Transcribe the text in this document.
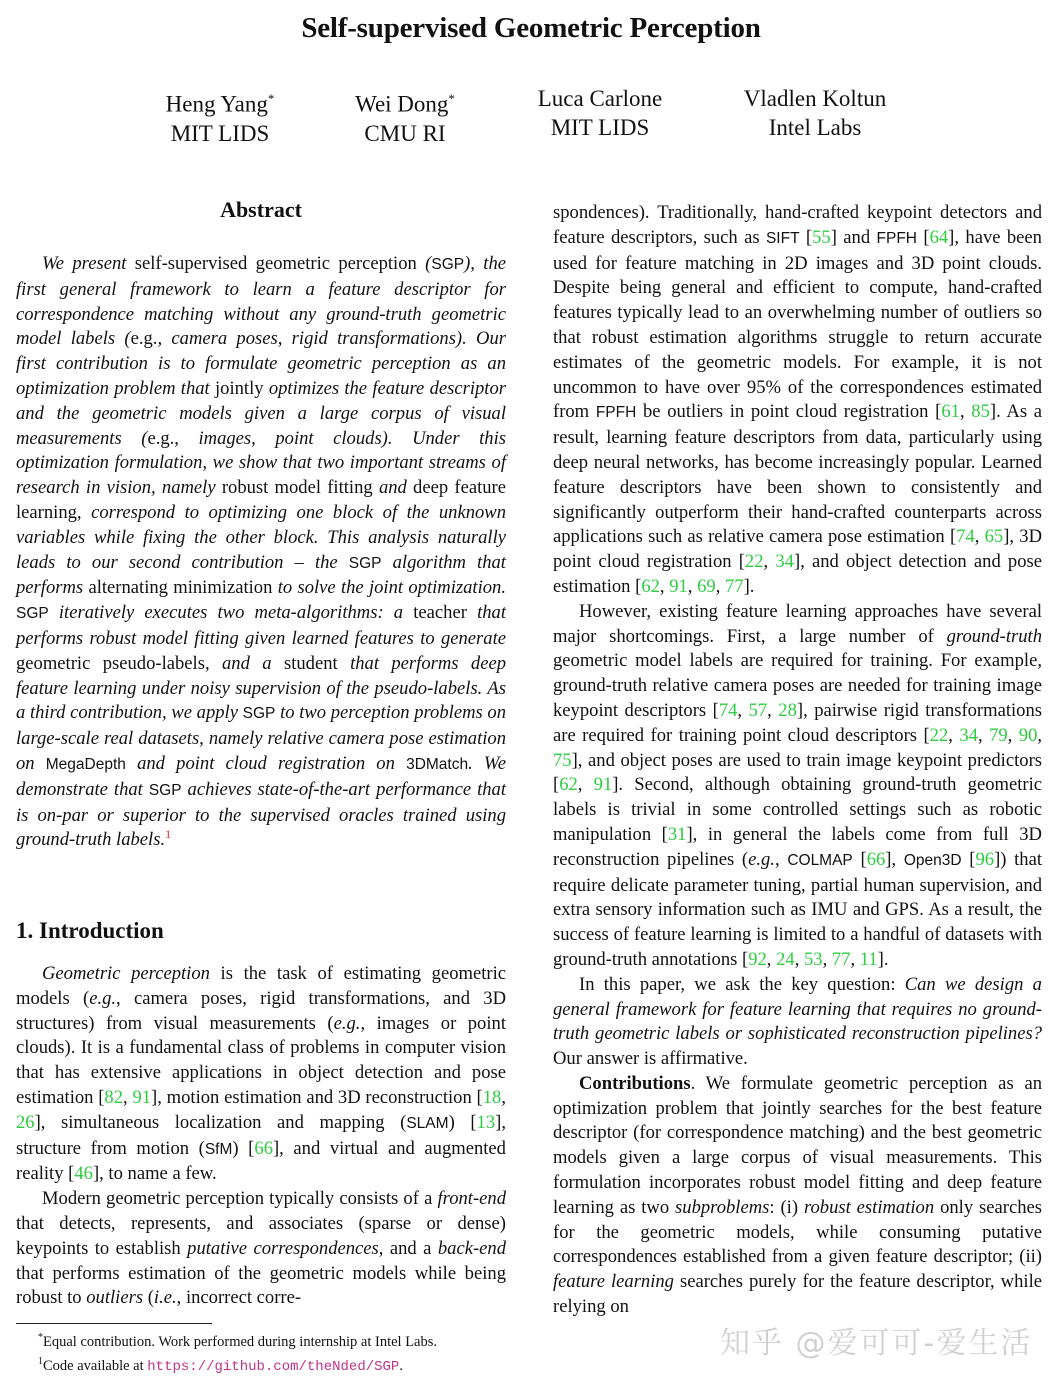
Self-supervised Geometric Perception
Heng Yang*
MIT LIDS
Wei Dong*
CMU RI
Luca Carlone
MIT LIDS
Vladlen Koltun
Intel Labs
Abstract

We present self-supervised geometric perception (SGP), the first general framework to learn a feature descriptor for correspondence matching without any ground-truth geometric model labels (e.g., camera poses, rigid transformations). Our first contribution is to formulate geometric perception as an optimization problem that jointly optimizes the feature descriptor and the geometric models given a large corpus of visual measurements (e.g., images, point clouds). Under this optimization formulation, we show that two important streams of research in vision, namely robust model fitting and deep feature learning, correspond to optimizing one block of the unknown variables while fixing the other block. This analysis naturally leads to our second contribution – the SGP algorithm that performs alternating minimization to solve the joint optimization. SGP iteratively executes two meta-algorithms: a teacher that performs robust model fitting given learned features to generate geometric pseudo-labels, and a student that performs deep feature learning under noisy supervision of the pseudo-labels. As a third contribution, we apply SGP to two perception problems on large-scale real datasets, namely relative camera pose estimation on MegaDepth and point cloud registration on 3DMatch. We demonstrate that SGP achieves state-of-the-art performance that is on-par or superior to the supervised oracles trained using ground-truth labels.$^1$

1. Introduction

Geometric perception is the task of estimating geometric models (e.g., camera poses, rigid transformations, and 3D structures) from visual measurements (e.g., images or point clouds). It is a fundamental class of problems in computer vision that has extensive applications in object detection and pose estimation [82, 91], motion estimation and 3D reconstruction [18, 26], simultaneous localization and mapping (SLAM) [13], structure from motion (SfM) [66], and virtual and augmented reality [46], to name a few.

Modern geometric perception typically consists of a front-end that detects, represents, and associates (sparse or dense) keypoints to establish putative correspondences, and a back-end that performs estimation of the geometric models while being robust to outliers (i.e., incorrect corre-

spondences). Traditionally, hand-crafted keypoint detectors and feature descriptors, such as SIFT [55] and FPFH [64], have been used for feature matching in 2D images and 3D point clouds. Despite being general and efficient to compute, hand-crafted features typically lead to an overwhelming number of outliers so that robust estimation algorithms struggle to return accurate estimates of the geometric models. For example, it is not uncommon to have over 95% of the correspondences estimated from FPFH be outliers in point cloud registration [61, 85]. As a result, learning feature descriptors from data, particularly using deep neural networks, has become increasingly popular. Learned feature descriptors have been shown to consistently and significantly outperform their hand-crafted counterparts across applications such as relative camera pose estimation [74, 65], 3D point cloud registration [22, 34], and object detection and pose estimation [62, 91, 69, 77].

However, existing feature learning approaches have several major shortcomings. First, a large number of ground-truth geometric model labels are required for training. For example, ground-truth relative camera poses are needed for training image keypoint descriptors [74, 57, 28], pairwise rigid transformations are required for training point cloud descriptors [22, 34, 79, 90, 75], and object poses are used to train image keypoint predictors [62, 91]. Second, although obtaining ground-truth geometric labels is trivial in some controlled settings such as robotic manipulation [31], in general the labels come from full 3D reconstruction pipelines (e.g., COLMAP [66], Open3D [96]) that require delicate parameter tuning, partial human supervision, and extra sensory information such as IMU and GPS. As a result, the success of feature learning is limited to a handful of datasets with ground-truth annotations [92, 24, 53, 77, 11].

In this paper, we ask the key question: Can we design a general framework for feature learning that requires no ground-truth geometric labels or sophisticated reconstruction pipelines? Our answer is affirmative.

Contributions. We formulate geometric perception as an optimization problem that jointly searches for the best feature descriptor (for correspondence matching) and the best geometric models given a large corpus of visual measurements. This formulation incorporates robust model fitting and deep feature learning as two subproblems: (i) robust estimation only searches for the geometric models, while consuming putative correspondences established from a given feature descriptor; (ii) feature learning searches purely for the feature descriptor, while relying on

*Equal contribution. Work performed during internship at Intel Labs.
$^1$Code available at https://github.com/theNded/SGP.
知乎 @爱可可-爱生活
